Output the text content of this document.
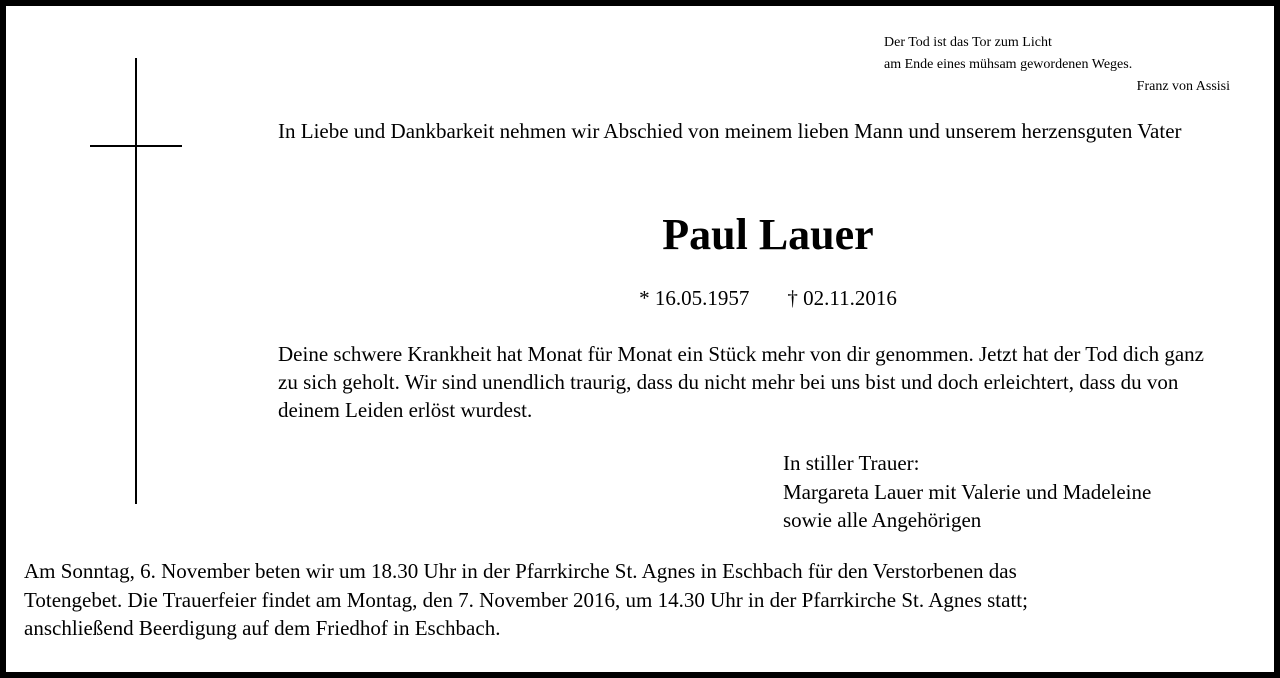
Der Tod ist das Tor zum Licht
am Ende eines mühsam gewordenen Weges.
Franz von Assisi

In Liebe und Dankbarkeit nehmen wir Abschied von meinem lieben Mann und unserem herzensguten Vater

Paul Lauer
* 16.05.1957 † 02.11.2016

Deine schwere Krankheit hat Monat für Monat ein Stück mehr von dir genommen. Jetzt hat der Tod dich ganz zu sich geholt. Wir sind unendlich traurig, dass du nicht mehr bei uns bist und doch erleichtert, dass du von deinem Leiden erlöst wurdest.

In stiller Trauer:
Margareta Lauer mit Valerie und Madeleine
sowie alle Angehörigen
Am Sonntag, 6. November beten wir um 18.30 Uhr in der Pfarrkirche St. Agnes in Eschbach für den Verstorbenen das
Totengebet. Die Trauerfeier findet am Montag, den 7. November 2016, um 14.30 Uhr in der Pfarrkirche St. Agnes statt;
anschließend Beerdigung auf dem Friedhof in Eschbach.
